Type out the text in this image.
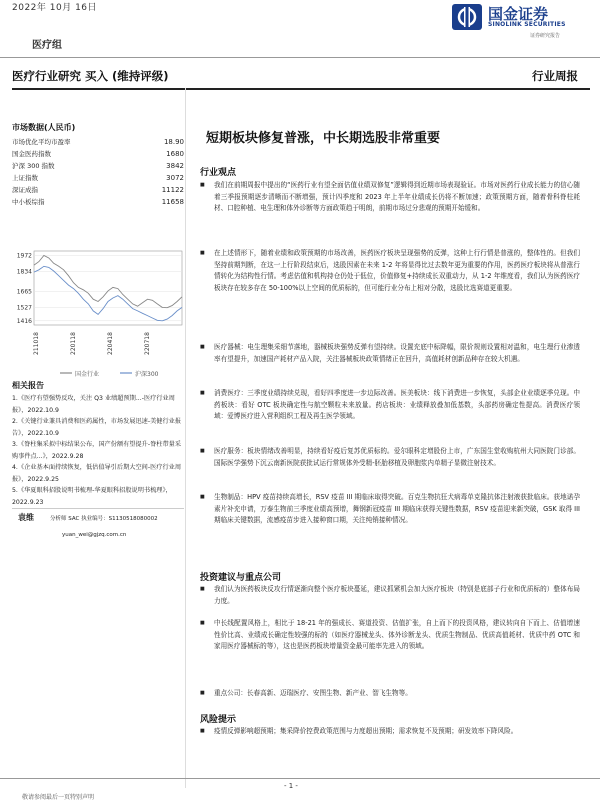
2022年 10月 16日
医疗组
国金证券
SINOLINK SECURITIES
证券研究报告
医疗行业研究 买入 (维持评级)	行业周报
市场数据(人民币)
市场优化平均市盈率	18.90
国金医药指数	1680
沪深 300 指数	3842
上证指数	3072
深证成指	11122
中小板综指	11658
1972
1834
1665
1527
1416
211018	220118	220418	220718
国金行业	沪深300
相关报告
1.《医疗有望强势反攻，关注 Q3 业绩超预期...-医疗行业周报》，2022.10.9
2.《关键行业兼具消费和医药属性，市场发展迅速-美健行业报告》，2022.10.9
3.《脊柱集采拟中标结果公布，国产份额有望提升-脊柱带量采购事件点...》，2022.9.28
4.《企业基本面持续恢复，低估值导引后期大空间-医疗行业周报》，2022.9.25
5.《华夏眼科招股说明书梳理-华夏眼科招股说明书梳理》，2022.9.23
袁维	分析师 SAC 执业编号：S1130518080002
yuan_wei@gjzq.com.cn
短期板块修复普涨，中长期选股非常重要
行业观点
■ 我们在前期周报中提出的“医药行业有望全面估值业绩双修复”逻辑得到近期市场表现验证。市场对医药行业成长能力的信心随着三季报预期逐步清晰而不断增强，预计四季度和 2023 年上半年业绩成长仍将不断加速；政策预期方面，随着骨科脊柱耗材、口腔种植、电生理和体外诊断等方面政策趋于明朗，前期市场过分悲观的预期开始缓和。
■ 在上述情形下，随着业绩和政策预期的市场改善，医药医疗板块呈现强势的反弹，这种上行行情是普涨的，整体性的。但我们坚持前期判断，在这一上行阶段结束后，选股因素在未来 1-2 年将显得比过去数年更为重要的作用，医药医疗板块将从普涨行情转化为结构性行情。考虑估值和机构持仓仍处于低位，价值修复+持续成长双重动力，从 1-2 年维度看，我们认为医药医疗板块存在较多存在 50-100%以上空间的优质标的，但可能行业分布上相对分散，选股比选赛道更重要。
■ 医疗器械：电生理集采细节落地，器械板块强势反弹有望持续。设置充底中标降幅，限价规则设置相对温和，电生理行业渗透率有望提升，加速国产耗材产品入院，关注器械板块政策情绪正在回升，高值耗材创新品种存在较大机遇。
■ 消费医疗：三季度业绩持续兑现，看好四季度进一步边际改善。医美板块：线下消费进一步恢复，头部企业业绩逐季兑现。中药板块：看好 OTC 板块确定性与航空颗粒未来放量。药店板块：业绩释放叠加低基数，头部药房确定性提高。消费医疗领域：爱博医疗进入营利组织工程及再生医学领域。
■ 医疗服务：板块情绪改善明显，持续看好疫后复苏优质标的。爱尔眼科定增股份上市，广东国生堂收购杭州大同医院门诊部。国际医学强势下沉云南新医院获批试运行常规体外受精-胚胎移植及卵胞浆内单精子显微注射技术。
■ 生物制品：HPV 疫苗持续高增长，RSV 疫苗 III 期临床取得突破。百克生物抗狂犬病毒单克隆抗体注射液获批临床。获地诺孕素片补充申请，万泰生物前三季度业绩高预增，舞钢新冠疫苗 III 期临床获得关键性数据，RSV 疫苗迎来新突破，GSK 取得 III 期临床关键数据，流感疫苗步进入接种窗口期，关注纯销接种情况。
投资建议与重点公司
■ 我们认为医药板块反攻行情逐渐向整个医疗板块蔓延，建议抓紧机会加大医疗板块（特别是底部子行业和优质标的）整体布局力度。
■ 中长线配置风格上，相比于 18-21 年的强成长、赛道投资、估值扩张，自上而下的投资风格，建议转向自下而上、估值增速性价比高、业绩成长确定性较强的标的（如医疗器械龙头、体外诊断龙头、优质生物制品、优质高值耗材、优质中药 OTC 和家用医疗器械标的等），这也是医药板块增量资金最可能率先进入的领域。
■ 重点公司：长春高新、迈瑞医疗、安图生物、新产业、智飞生物等。
风险提示
■ 疫情反弹影响超预期；集采降价控费政策范围与力度超出预期；需求恢复不及预期；研发效率下降风险。
- 1 -
敬请参阅最后一页特别声明
